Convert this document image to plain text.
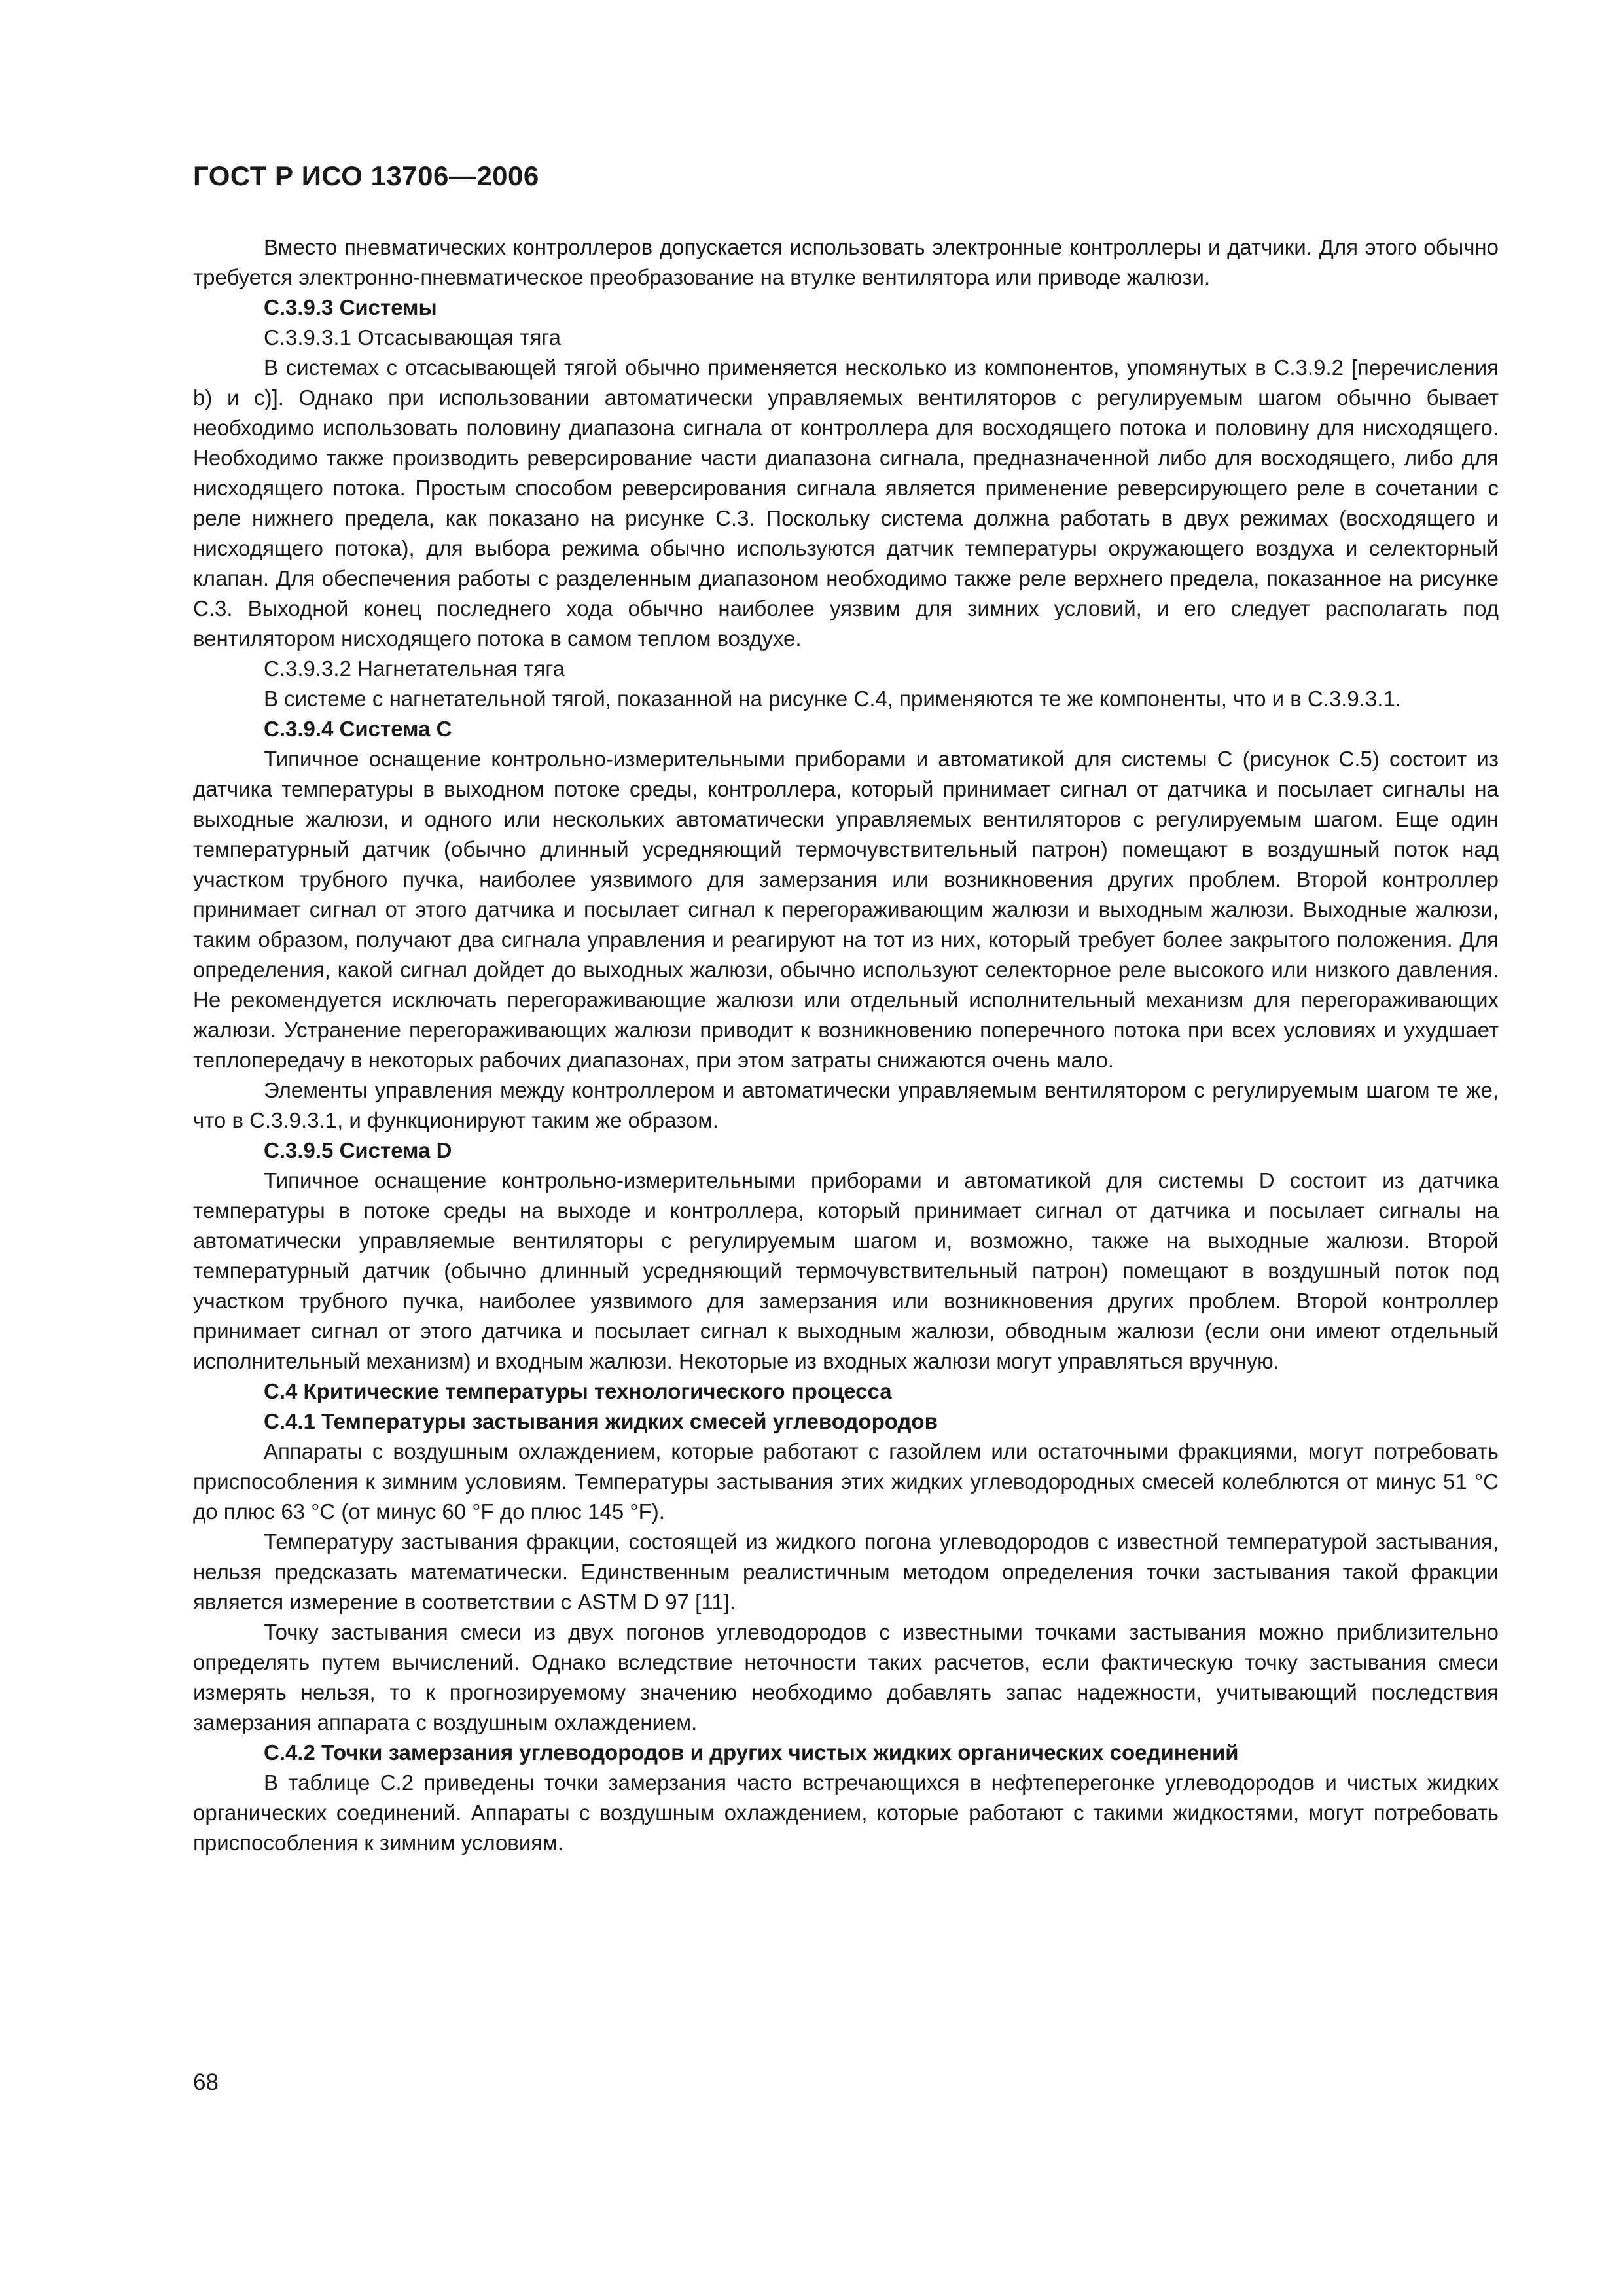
ГОСТ Р ИСО 13706—2006

Вместо пневматических контроллеров допускается использовать электронные контроллеры и датчики. Для этого обычно требуется электронно-пневматическое преобразование на втулке вентилятора или приводе жалюзи.

С.3.9.3 Системы

С.3.9.3.1 Отсасывающая тяга

В системах с отсасывающей тягой обычно применяется несколько из компонентов, упомянутых в С.3.9.2 [перечисления b) и с)]. Однако при использовании автоматически управляемых вентиляторов с регулируемым шагом обычно бывает необходимо использовать половину диапазона сигнала от контроллера для восходящего потока и половину для нисходящего. Необходимо также производить реверсирование части диапазона сигнала, предназначенной либо для восходящего, либо для нисходящего потока. Простым способом реверсирования сигнала является применение реверсирующего реле в сочетании с реле нижнего предела, как показано на рисунке С.3. Поскольку система должна работать в двух режимах (восходящего и нисходящего потока), для выбора режима обычно используются датчик температуры окружающего воздуха и селекторный клапан. Для обеспечения работы с разделенным диапазоном необходимо также реле верхнего предела, показанное на рисунке С.3. Выходной конец последнего хода обычно наиболее уязвим для зимних условий, и его следует располагать под вентилятором нисходящего потока в самом теплом воздухе.

С.3.9.3.2 Нагнетательная тяга

В системе с нагнетательной тягой, показанной на рисунке С.4, применяются те же компоненты, что и в С.3.9.3.1.

С.3.9.4 Система С

Типичное оснащение контрольно-измерительными приборами и автоматикой для системы С (рисунок С.5) состоит из датчика температуры в выходном потоке среды, контроллера, который принимает сигнал от датчика и посылает сигналы на выходные жалюзи, и одного или нескольких автоматически управляемых вентиляторов с регулируемым шагом. Еще один температурный датчик (обычно длинный усредняющий термочувствительный патрон) помещают в воздушный поток над участком трубного пучка, наиболее уязвимого для замерзания или возникновения других проблем. Второй контроллер принимает сигнал от этого датчика и посылает сигнал к перегораживающим жалюзи и выходным жалюзи. Выходные жалюзи, таким образом, получают два сигнала управления и реагируют на тот из них, который требует более закрытого положения. Для определения, какой сигнал дойдет до выходных жалюзи, обычно используют селекторное реле высокого или низкого давления. Не рекомендуется исключать перегораживающие жалюзи или отдельный исполнительный механизм для перегораживающих жалюзи. Устранение перегораживающих жалюзи приводит к возникновению поперечного потока при всех условиях и ухудшает теплопередачу в некоторых рабочих диапазонах, при этом затраты снижаются очень мало.

Элементы управления между контроллером и автоматически управляемым вентилятором с регулируемым шагом те же, что в С.3.9.3.1, и функционируют таким же образом.

С.3.9.5 Система D

Типичное оснащение контрольно-измерительными приборами и автоматикой для системы D состоит из датчика температуры в потоке среды на выходе и контроллера, который принимает сигнал от датчика и посылает сигналы на автоматически управляемые вентиляторы с регулируемым шагом и, возможно, также на выходные жалюзи. Второй температурный датчик (обычно длинный усредняющий термочувствительный патрон) помещают в воздушный поток под участком трубного пучка, наиболее уязвимого для замерзания или возникновения других проблем. Второй контроллер принимает сигнал от этого датчика и посылает сигнал к выходным жалюзи, обводным жалюзи (если они имеют отдельный исполнительный механизм) и входным жалюзи. Некоторые из входных жалюзи могут управляться вручную.

С.4 Критические температуры технологического процесса

С.4.1 Температуры застывания жидких смесей углеводородов

Аппараты с воздушным охлаждением, которые работают с газойлем или остаточными фракциями, могут потребовать приспособления к зимним условиям. Температуры застывания этих жидких углеводородных смесей колеблются от минус 51 °С до плюс 63 °С (от минус 60 °F до плюс 145 °F).

Температуру застывания фракции, состоящей из жидкого погона углеводородов с известной температурой застывания, нельзя предсказать математически. Единственным реалистичным методом определения точки застывания такой фракции является измерение в соответствии с ASTM D 97 [11].

Точку застывания смеси из двух погонов углеводородов с известными точками застывания можно приблизительно определять путем вычислений. Однако вследствие неточности таких расчетов, если фактическую точку застывания смеси измерять нельзя, то к прогнозируемому значению необходимо добавлять запас надежности, учитывающий последствия замерзания аппарата с воздушным охлаждением.

С.4.2 Точки замерзания углеводородов и других чистых жидких органических соединений

В таблице С.2 приведены точки замерзания часто встречающихся в нефтеперегонке углеводородов и чистых жидких органических соединений. Аппараты с воздушным охлаждением, которые работают с такими жидкостями, могут потребовать приспособления к зимним условиям.

68
